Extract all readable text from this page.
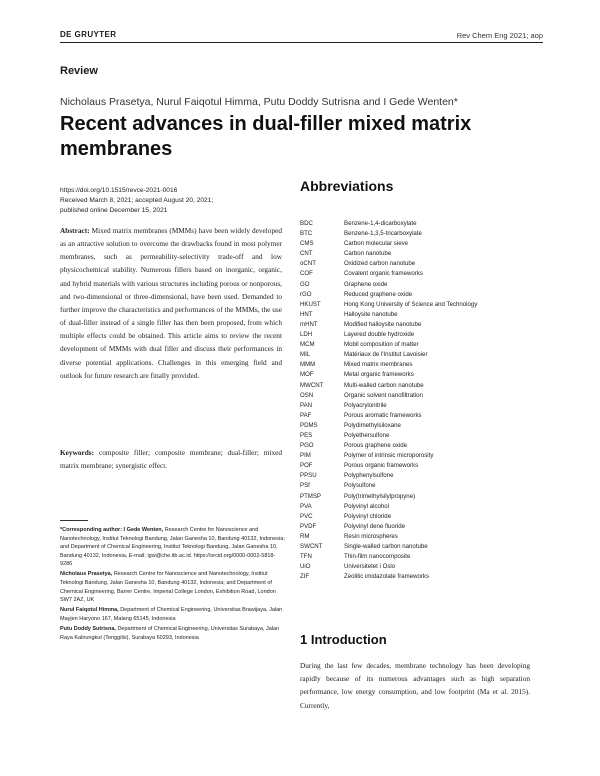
DE GRUYTER	Rev Chem Eng 2021; aop
Review
Nicholaus Prasetya, Nurul Faiqotul Himma, Putu Doddy Sutrisna and I Gede Wenten*
Recent advances in dual-filler mixed matrix membranes
https://doi.org/10.1515/revce-2021-0016
Received March 8, 2021; accepted August 20, 2021;
published online December 15, 2021
Abstract: Mixed matrix membranes (MMMs) have been widely developed as an attractive solution to overcome the drawbacks found in most polymer membranes, such as permeability-selectivity trade-off and low physicochemical stability. Numerous fillers based on inorganic, organic, and hybrid materials with various structures including porous or nonporous, and two-dimensional or three-dimensional, have been used. Demanded to further improve the characteristics and performances of the MMMs, the use of dual-filler instead of a single filler has then been proposed, from which multiple effects could be obtained. This article aims to review the recent development of MMMs with dual filler and discuss their performances in diverse potential applications. Challenges in this emerging field and outlook for future research are finally provided.
Keywords: composite filler; composite membrane; dual-filler; mixed matrix membrane; synergistic effect.

*Corresponding author: I Gede Wenten, Research Centre for Nanoscience and Nanotechnology, Institut Teknologi Bandung, Jalan Ganesha 10, Bandung 40132, Indonesia; and Department of Chemical Engineering, Institut Teknologi Bandung, Jalan Ganesha 10, Bandung 40132, Indonesia, E-mail: igw@che.itb.ac.id. https://orcid.org/0000-0002-5818-9286

Nicholaus Prasetya, Research Centre for Nanoscience and Nanotechnology, Institut Teknologi Bandung, Jalan Ganesha 10, Bandung 40132, Indonesia; and Department of Chemical Engineering, Barrer Centre, Imperial College London, Exhibition Road, London SW7 2AZ, UK

Nurul Faiqotul Himma, Department of Chemical Engineering, Universitas Brawijaya, Jalan Mayjen Haryono 167, Malang 65145, Indonesia

Putu Doddy Sutrisna, Department of Chemical Engineering, Universitas Surabaya, Jalan Raya Kalirungkut (Tenggilis), Surabaya 60293, Indonesia

Abbreviations
BDC	Benzene-1,4-dicarboxylate
BTC	Benzene-1,3,5-tricarboxylate
CMS	Carbon molecular sieve
CNT	Carbon nanotube
oCNT	Oxidized carbon nanotube
COF	Covalent organic frameworks
GO	Graphene oxide
rGO	Reduced graphene oxide
HKUST	Hong Kong University of Science and Technology
HNT	Halloysite nanotube
mHNT	Modified halloysite nanotube
LDH	Layered double hydroxide
MCM	Mobil composition of matter
MIL	Matériaux de l'Institut Lavoisier
MMM	Mixed matrix membranes
MOF	Metal organic frameworks
MWCNT	Multi-walled carbon nanotube
OSN	Organic solvent nanofiltration
PAN	Polyacrylonitrile
PAF	Porous aromatic frameworks
PDMS	Polydimethylsiloxane
PES	Polyethersulfone
PGO	Porous graphene oxide
PIM	Polymer of intrinsic microporosity
POF	Porous organic frameworks
PPSU	Polyphenylsulfone
PSf	Polysulfone
PTMSP	Poly(trimethylsilylpropyne)
PVA	Polyvinyl alcohol
PVC	Polyvinyl chloride
PVDF	Polyvinyl dene fluoride
RM	Resin microspheres
SWCNT	Single-walled carbon nanotube
TFN	Thin-film nanocomposite
UiO	Universitetet i Oslo
ZIF	Zeolitic imidazolate frameworks
1 Introduction
During the last few decades, membrane technology has been developing rapidly because of its numerous advantages such as high separation performance, low energy consumption, and low footprint (Ma et al. 2015). Currently,
